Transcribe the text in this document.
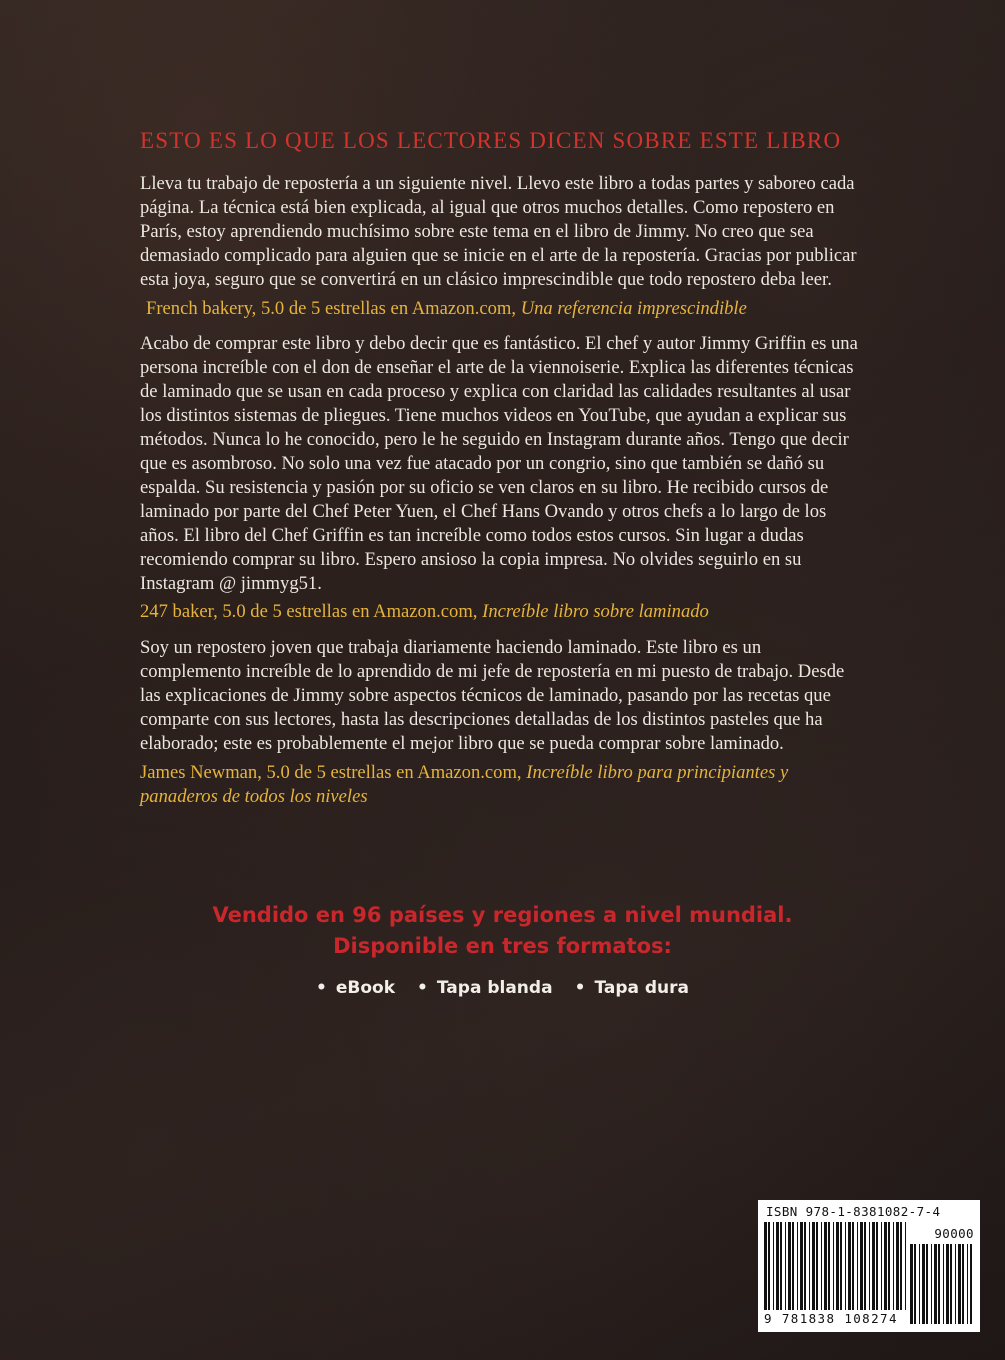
ESTO ES LO QUE LOS LECTORES DICEN SOBRE ESTE LIBRO

Lleva tu trabajo de repostería a un siguiente nivel. Llevo este libro a todas partes y saboreo cada página. La técnica está bien explicada, al igual que otros muchos detalles. Como repostero en París, estoy aprendiendo muchísimo sobre este tema en el libro de Jimmy. No creo que sea demasiado complicado para alguien que se inicie en el arte de la repostería. Gracias por publicar esta joya, seguro que se convertirá en un clásico imprescindible que todo repostero deba leer.

French bakery, 5.0 de 5 estrellas en Amazon.com, Una referencia imprescindible

Acabo de comprar este libro y debo decir que es fantástico. El chef y autor Jimmy Griffin es una persona increíble con el don de enseñar el arte de la viennoiserie. Explica las diferentes técnicas de laminado que se usan en cada proceso y explica con claridad las calidades resultantes al usar los distintos sistemas de pliegues. Tiene muchos videos en YouTube, que ayudan a explicar sus métodos. Nunca lo he conocido, pero le he seguido en Instagram durante años. Tengo que decir que es asombroso. No solo una vez fue atacado por un congrio, sino que también se dañó su espalda. Su resistencia y pasión por su oficio se ven claros en su libro. He recibido cursos de laminado por parte del Chef Peter Yuen, el Chef Hans Ovando y otros chefs a lo largo de los años. El libro del Chef Griffin es tan increíble como todos estos cursos. Sin lugar a dudas recomiendo comprar su libro. Espero ansioso la copia impresa. No olvides seguirlo en su Instagram @ jimmyg51.

247 baker, 5.0 de 5 estrellas en Amazon.com, Increíble libro sobre laminado

Soy un repostero joven que trabaja diariamente haciendo laminado. Este libro es un complemento increíble de lo aprendido de mi jefe de repostería en mi puesto de trabajo. Desde las explicaciones de Jimmy sobre aspectos técnicos de laminado, pasando por las recetas que comparte con sus lectores, hasta las descripciones detalladas de los distintos pasteles que ha elaborado; este es probablemente el mejor libro que se pueda comprar sobre laminado.

James Newman, 5.0 de 5 estrellas en Amazon.com, Increíble libro para principiantes y panaderos de todos los niveles
Vendido en 96 países y regiones a nivel mundial.
Disponible en tres formatos:
• eBook	• Tapa blanda	• Tapa dura
ISBN 978-1-8381082-7-4
90000
9 781838 108274
